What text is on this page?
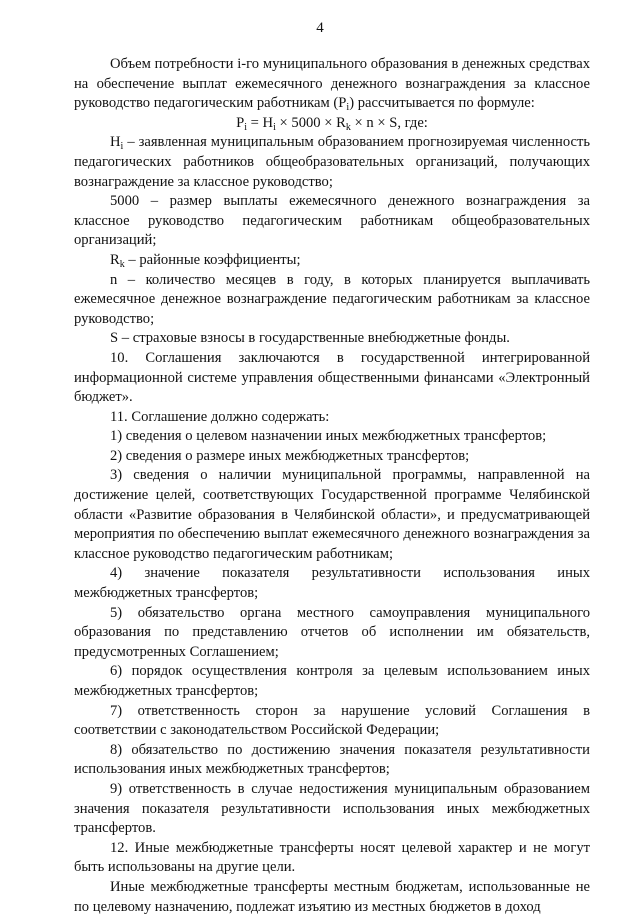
4

Объем потребности i-го муниципального образования в денежных средствах на обеспечение выплат ежемесячного денежного вознаграждения за классное руководство педагогическим работникам $(P_i)$ рассчитывается по формуле:

$P_i = H_i \times 5000 \times R_k \times n \times S$, где:

$H_i$ – заявленная муниципальным образованием прогнозируемая численность педагогических работников общеобразовательных организаций, получающих вознаграждение за классное руководство;

5000 – размер выплаты ежемесячного денежного вознаграждения за классное руководство педагогическим работникам общеобразовательных организаций;

$R_k$ – районные коэффициенты;

n – количество месяцев в году, в которых планируется выплачивать ежемесячное денежное вознаграждение педагогическим работникам за классное руководство;

S – страховые взносы в государственные внебюджетные фонды.

10. Соглашения заключаются в государственной интегрированной информационной системе управления общественными финансами «Электронный бюджет».

11. Соглашение должно содержать:

1) сведения о целевом назначении иных межбюджетных трансфертов;

2) сведения о размере иных межбюджетных трансфертов;

3) сведения о наличии муниципальной программы, направленной на достижение целей, соответствующих Государственной программе Челябинской области «Развитие образования в Челябинской области», и предусматривающей мероприятия по обеспечению выплат ежемесячного денежного вознаграждения за классное руководство педагогическим работникам;

4) значение показателя результативности использования иных межбюджетных трансфертов;

5) обязательство органа местного самоуправления муниципального образования по представлению отчетов об исполнении им обязательств, предусмотренных Соглашением;

6) порядок осуществления контроля за целевым использованием иных межбюджетных трансфертов;

7) ответственность сторон за нарушение условий Соглашения в соответствии с законодательством Российской Федерации;

8) обязательство по достижению значения показателя результативности использования иных межбюджетных трансфертов;

9) ответственность в случае недостижения муниципальным образованием значения показателя результативности использования иных межбюджетных трансфертов.

12. Иные межбюджетные трансферты носят целевой характер и не могут быть использованы на другие цели.

Иные межбюджетные трансферты местным бюджетам, использованные не по целевому назначению, подлежат изъятию из местных бюджетов в доход
